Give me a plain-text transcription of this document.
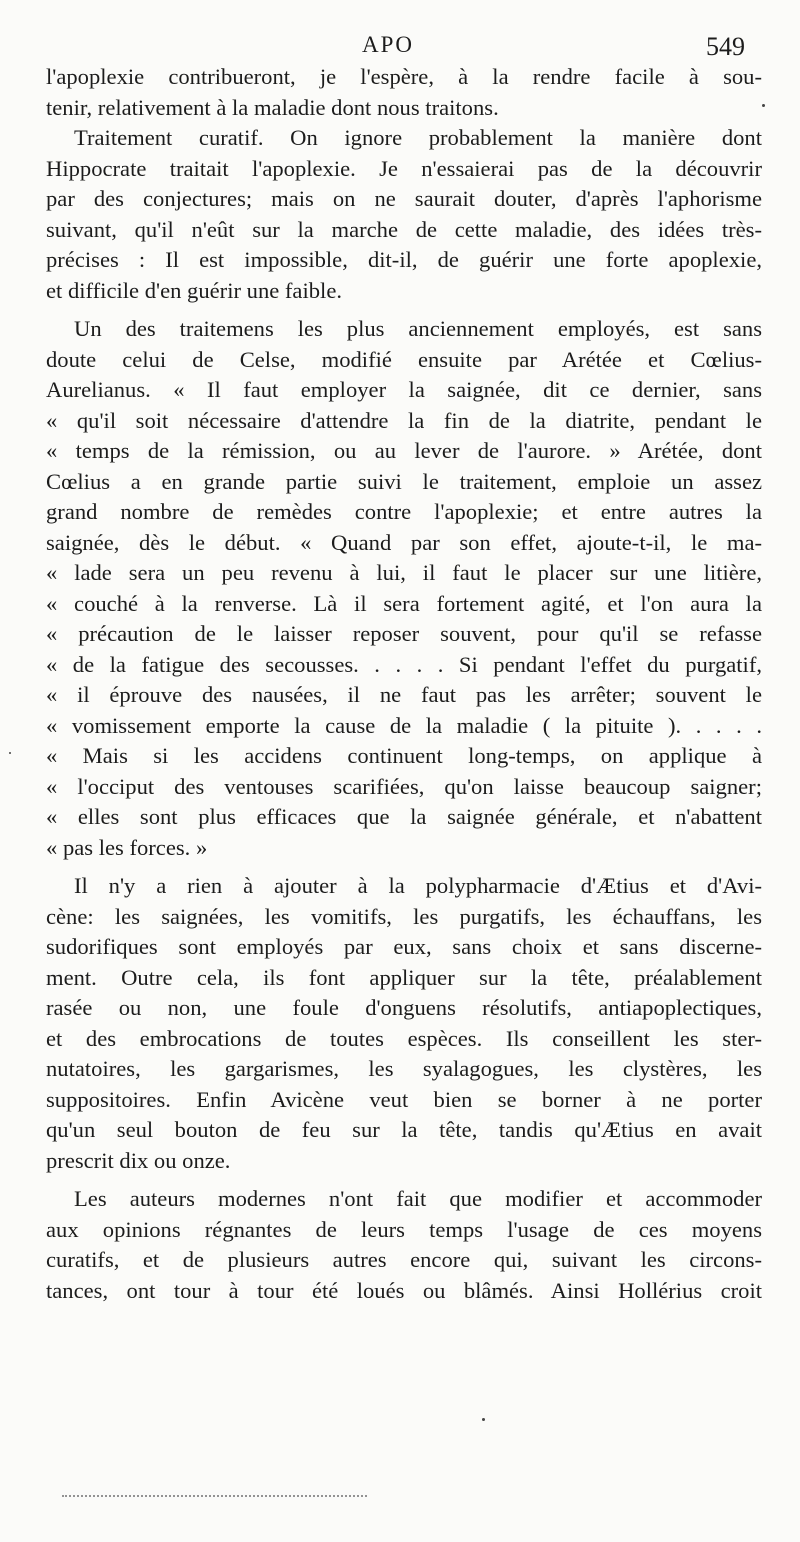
APO	549
l'apoplexie contribueront, je l'espère, à la rendre facile à sou-
tenir, relativement à la maladie dont nous traitons.
Traitement curatif. On ignore probablement la manière dont
Hippocrate traitait l'apoplexie. Je n'essaierai pas de la découvrir
par des conjectures; mais on ne saurait douter, d'après l'aphorisme
suivant, qu'il n'eût sur la marche de cette maladie, des idées très-
précises : Il est impossible, dit-il, de guérir une forte apoplexie,
et difficile d'en guérir une faible.
Un des traitemens les plus anciennement employés, est sans
doute celui de Celse, modifié ensuite par Arétée et Cœlius-
Aurelianus. « Il faut employer la saignée, dit ce dernier, sans
« qu'il soit nécessaire d'attendre la fin de la diatrite, pendant le
« temps de la rémission, ou au lever de l'aurore. » Arétée, dont
Cœlius a en grande partie suivi le traitement, emploie un assez
grand nombre de remèdes contre l'apoplexie; et entre autres la
saignée, dès le début. « Quand par son effet, ajoute-t-il, le ma-
« lade sera un peu revenu à lui, il faut le placer sur une litière,
« couché à la renverse. Là il sera fortement agité, et l'on aura la
« précaution de le laisser reposer souvent, pour qu'il se refasse
« de la fatigue des secousses. . . . . Si pendant l'effet du purgatif,
« il éprouve des nausées, il ne faut pas les arrêter; souvent le
« vomissement emporte la cause de la maladie ( la pituite ). . . . .
« Mais si les accidens continuent long-temps, on applique à
« l'occiput des ventouses scarifiées, qu'on laisse beaucoup saigner;
« elles sont plus efficaces que la saignée générale, et n'abattent
« pas les forces. »
Il n'y a rien à ajouter à la polypharmacie d'Ætius et d'Avi-
cène: les saignées, les vomitifs, les purgatifs, les échauffans, les
sudorifiques sont employés par eux, sans choix et sans discerne-
ment. Outre cela, ils font appliquer sur la tête, préalablement
rasée ou non, une foule d'onguens résolutifs, antiapoplectiques,
et des embrocations de toutes espèces. Ils conseillent les ster-
nutatoires, les gargarismes, les syalagogues, les clystères, les
suppositoires. Enfin Avicène veut bien se borner à ne porter
qu'un seul bouton de feu sur la tête, tandis qu'Ætius en avait
prescrit dix ou onze.
Les auteurs modernes n'ont fait que modifier et accommoder
aux opinions régnantes de leurs temps l'usage de ces moyens
curatifs, et de plusieurs autres encore qui, suivant les circons-
tances, ont tour à tour été loués ou blâmés. Ainsi Hollérius croit
